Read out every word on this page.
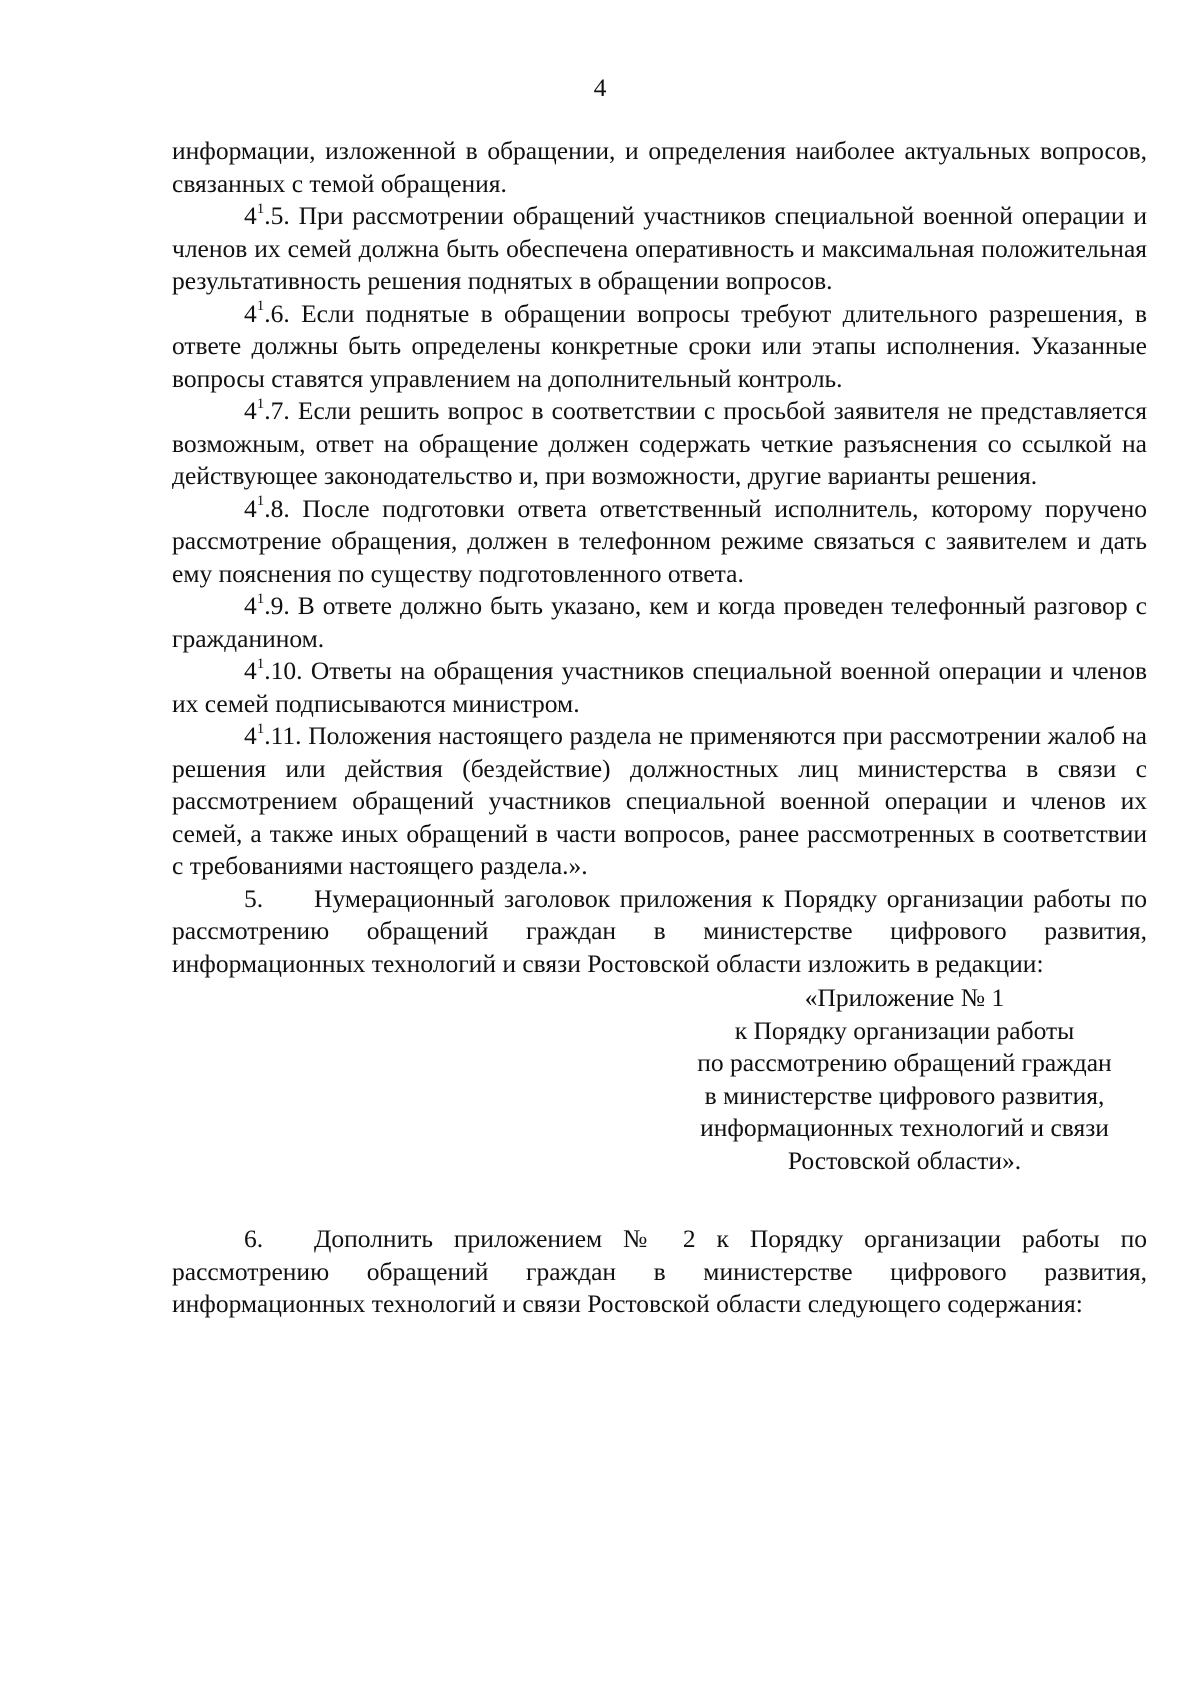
4

информации, изложенной в обращении, и определения наиболее актуальных вопросов, связанных с темой обращения.

$4^1.5$. При рассмотрении обращений участников специальной военной операции и членов их семей должна быть обеспечена оперативность и максимальная положительная результативность решения поднятых в обращении вопросов.

$4^1.6$. Если поднятые в обращении вопросы требуют длительного разрешения, в ответе должны быть определены конкретные сроки или этапы исполнения. Указанные вопросы ставятся управлением на дополнительный контроль.

$4^1.7$. Если решить вопрос в соответствии с просьбой заявителя не представляется возможным, ответ на обращение должен содержать четкие разъяснения со ссылкой на действующее законодательство и, при возможности, другие варианты решения.

$4^1.8$. После подготовки ответа ответственный исполнитель, которому поручено рассмотрение обращения, должен в телефонном режиме связаться с заявителем и дать ему пояснения по существу подготовленного ответа.

$4^1.9$. В ответе должно быть указано, кем и когда проведен телефонный разговор с гражданином.

$4^1.10$. Ответы на обращения участников специальной военной операции и членов их семей подписываются министром.

$4^1.11$. Положения настоящего раздела не применяются при рассмотрении жалоб на решения или действия (бездействие) должностных лиц министерства в связи с рассмотрением обращений участников специальной военной операции и членов их семей, а также иных обращений в части вопросов, ранее рассмотренных в соответствии с требованиями настоящего раздела.».

5. Нумерационный заголовок приложения к Порядку организации работы по рассмотрению обращений граждан в министерстве цифрового развития, информационных технологий и связи Ростовской области изложить в редакции:

«Приложение № 1
к Порядку организации работы
по рассмотрению обращений граждан
в министерстве цифрового развития,
информационных технологий и связи
Ростовской области».

6. Дополнить приложением № 2 к Порядку организации работы по рассмотрению обращений граждан в министерстве цифрового развития, информационных технологий и связи Ростовской области следующего содержания:
